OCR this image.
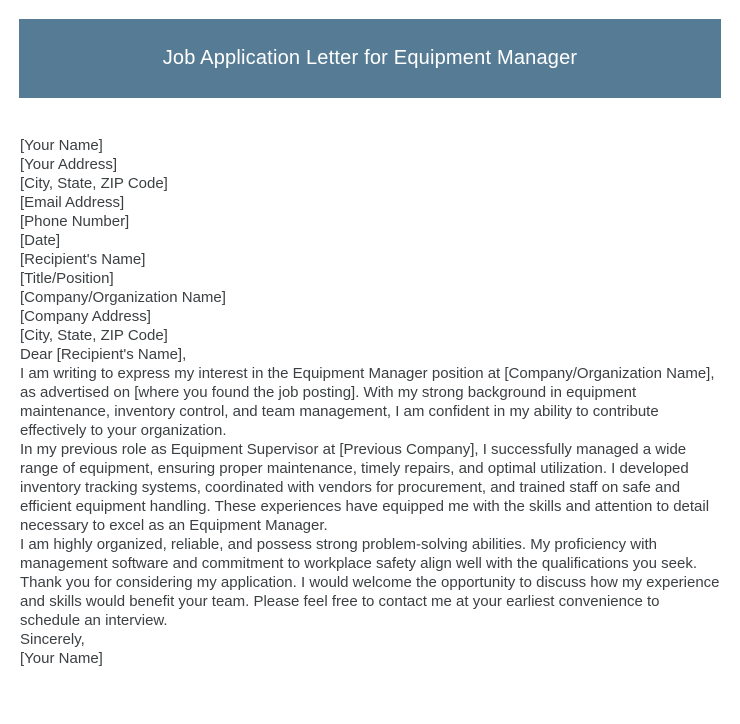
Job Application Letter for Equipment Manager
[Your Name]
[Your Address]
[City, State, ZIP Code]
[Email Address]
[Phone Number]
[Date]
[Recipient's Name]
[Title/Position]
[Company/Organization Name]
[Company Address]
[City, State, ZIP Code]
Dear [Recipient's Name],

I am writing to express my interest in the Equipment Manager position at [Company/Organization Name], as advertised on [where you found the job posting]. With my strong background in equipment maintenance, inventory control, and team management, I am confident in my ability to contribute effectively to your organization.

In my previous role as Equipment Supervisor at [Previous Company], I successfully managed a wide range of equipment, ensuring proper maintenance, timely repairs, and optimal utilization. I developed inventory tracking systems, coordinated with vendors for procurement, and trained staff on safe and efficient equipment handling. These experiences have equipped me with the skills and attention to detail necessary to excel as an Equipment Manager.

I am highly organized, reliable, and possess strong problem-solving abilities. My proficiency with management software and commitment to workplace safety align well with the qualifications you seek.

Thank you for considering my application. I would welcome the opportunity to discuss how my experience and skills would benefit your team. Please feel free to contact me at your earliest convenience to schedule an interview.

Sincerely,
[Your Name]
